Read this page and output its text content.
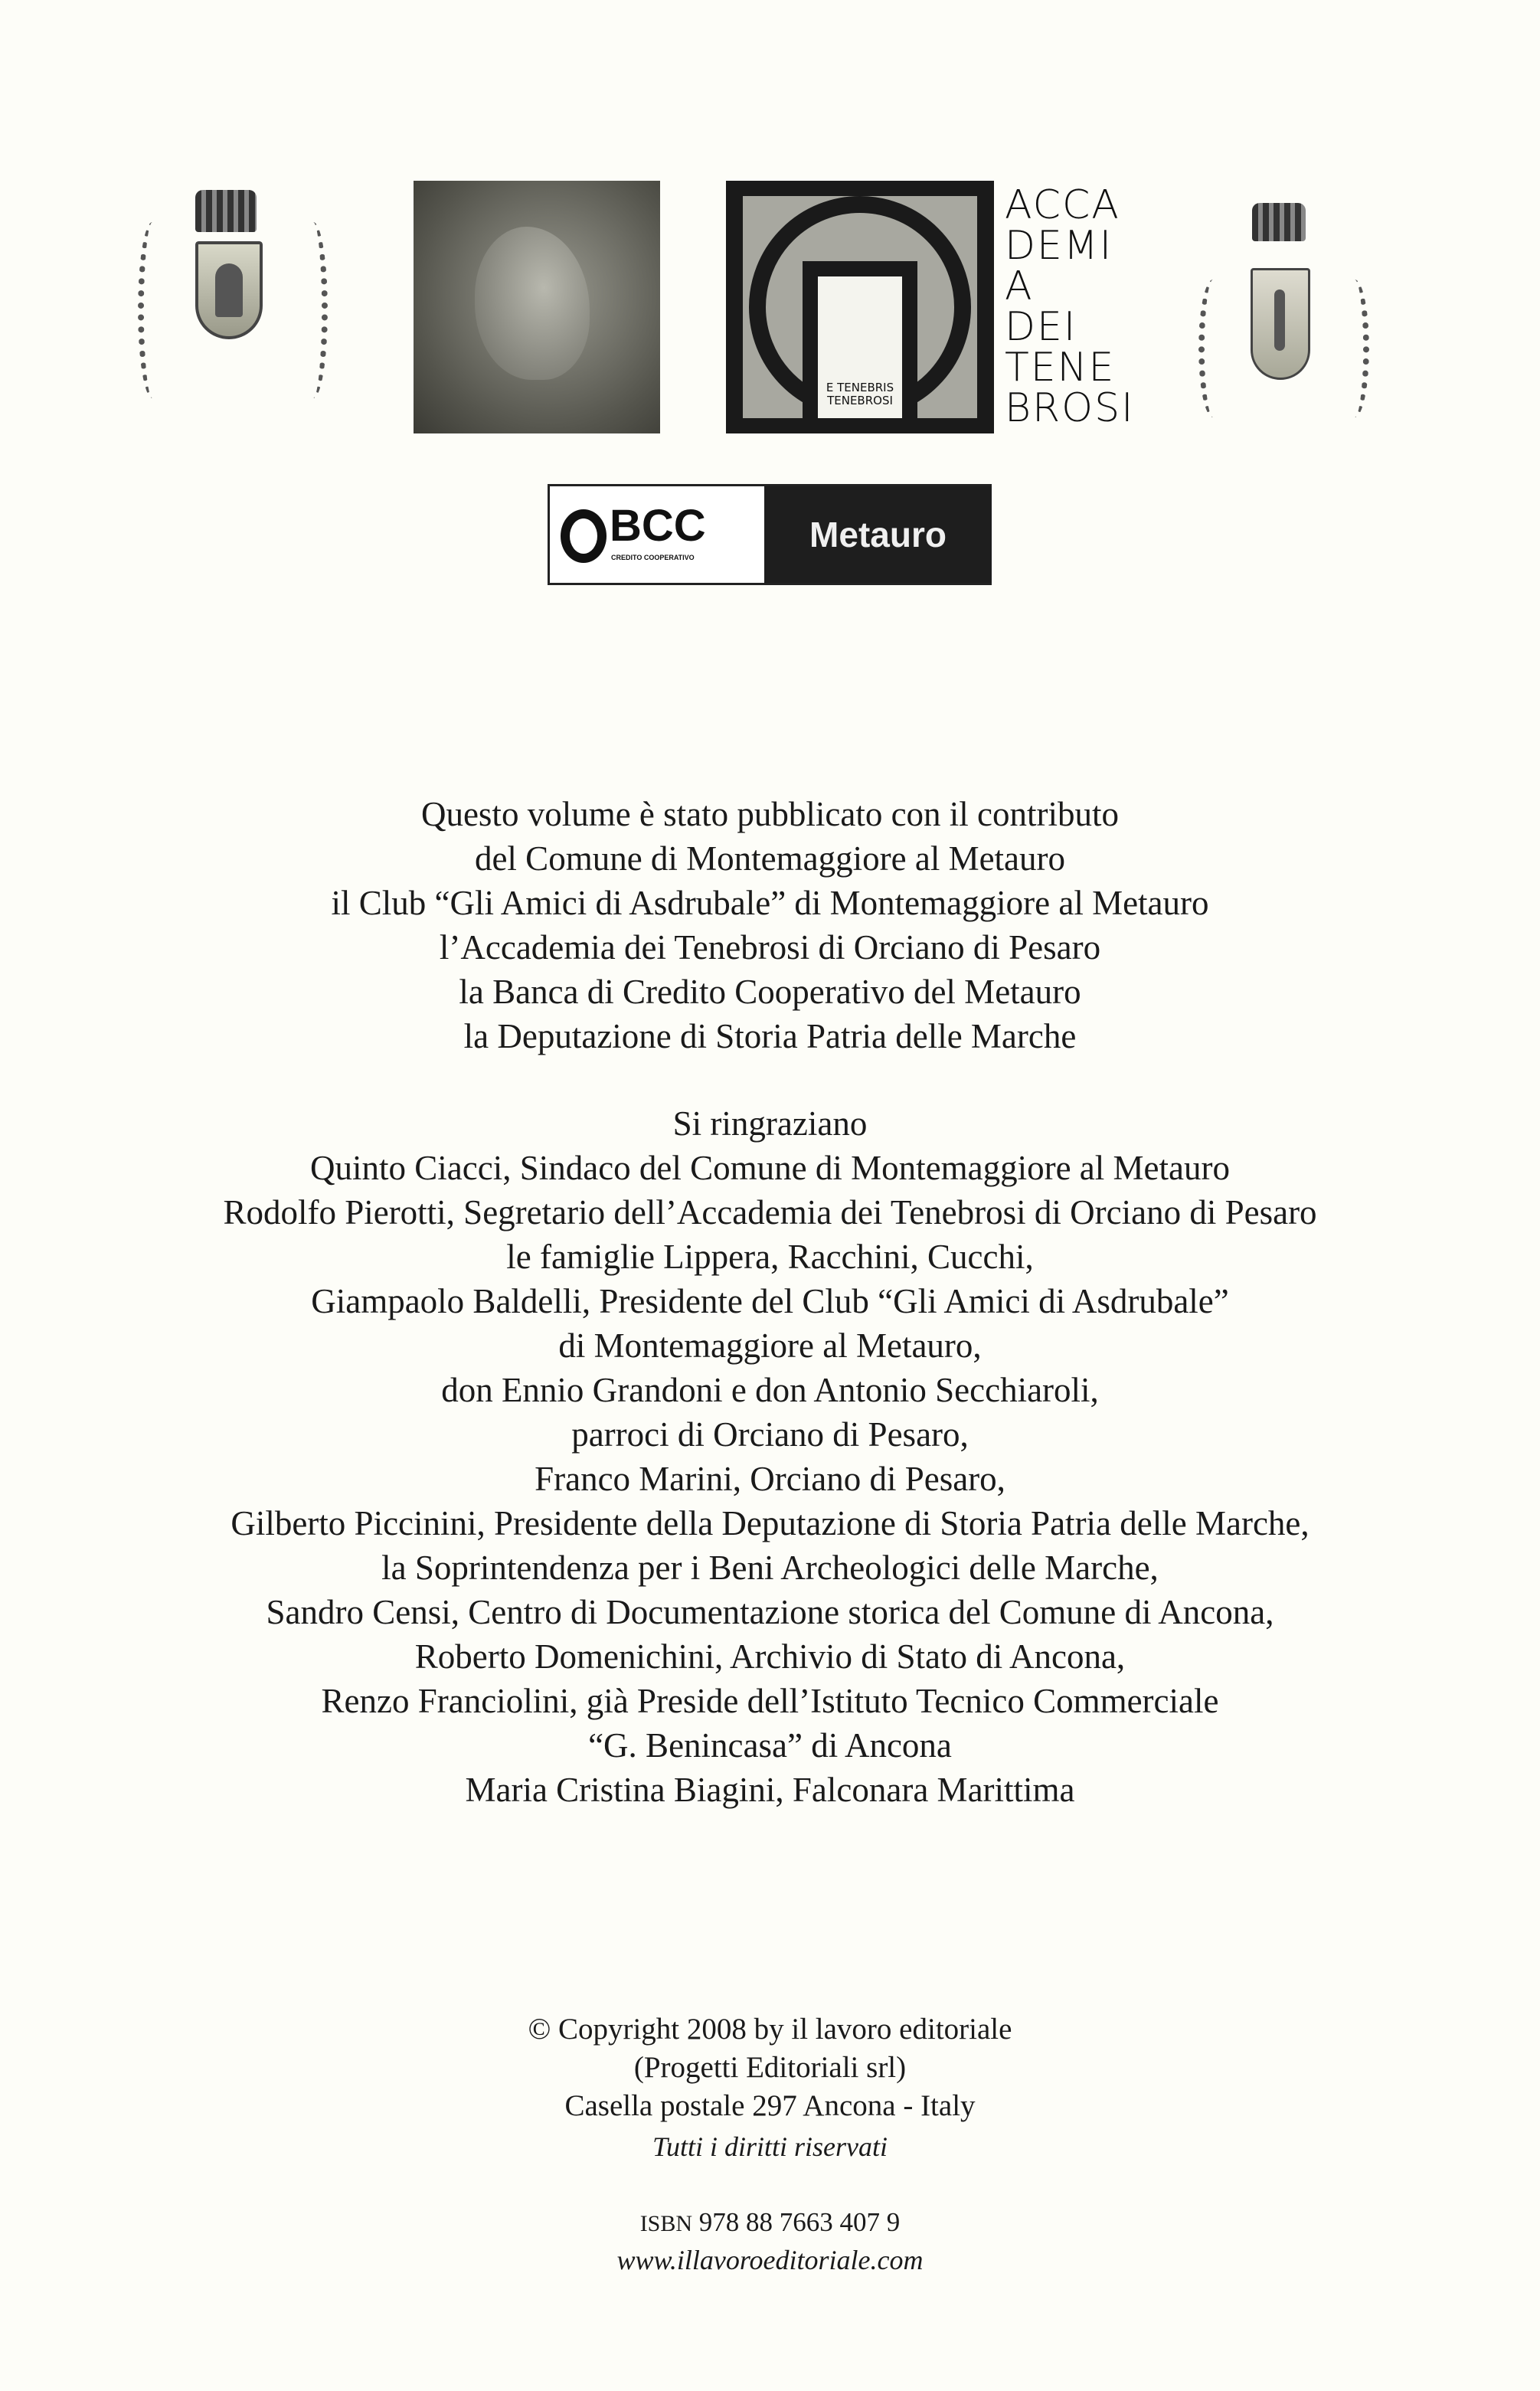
E TENEBRIS
TENEBROSI
ACCA
DEMI
A
DEI
TENE
BROSI
BCC
CREDITO COOPERATIVO
Metauro
Questo volume è stato pubblicato con il contributo
del Comune di Montemaggiore al Metauro
il Club “Gli Amici di Asdrubale” di Montemaggiore al Metauro
l’Accademia dei Tenebrosi di Orciano di Pesaro
la Banca di Credito Cooperativo del Metauro
la Deputazione di Storia Patria delle Marche
Si ringraziano
Quinto Ciacci, Sindaco del Comune di Montemaggiore al Metauro
Rodolfo Pierotti, Segretario dell’Accademia dei Tenebrosi di Orciano di Pesaro
le famiglie Lippera, Racchini, Cucchi,
Giampaolo Baldelli, Presidente del Club “Gli Amici di Asdrubale”
di Montemaggiore al Metauro,
don Ennio Grandoni e don Antonio Secchiaroli,
parroci di Orciano di Pesaro,
Franco Marini, Orciano di Pesaro,
Gilberto Piccinini, Presidente della Deputazione di Storia Patria delle Marche,
la Soprintendenza per i Beni Archeologici delle Marche,
Sandro Censi, Centro di Documentazione storica del Comune di Ancona,
Roberto Domenichini, Archivio di Stato di Ancona,
Renzo Franciolini, già Preside dell’Istituto Tecnico Commerciale
“G. Benincasa” di Ancona
Maria Cristina Biagini, Falconara Marittima
© Copyright 2008 by il lavoro editoriale
(Progetti Editoriali srl)
Casella postale 297 Ancona - Italy
Tutti i diritti riservati
ISBN 978 88 7663 407 9
www.illavoroeditoriale.com
